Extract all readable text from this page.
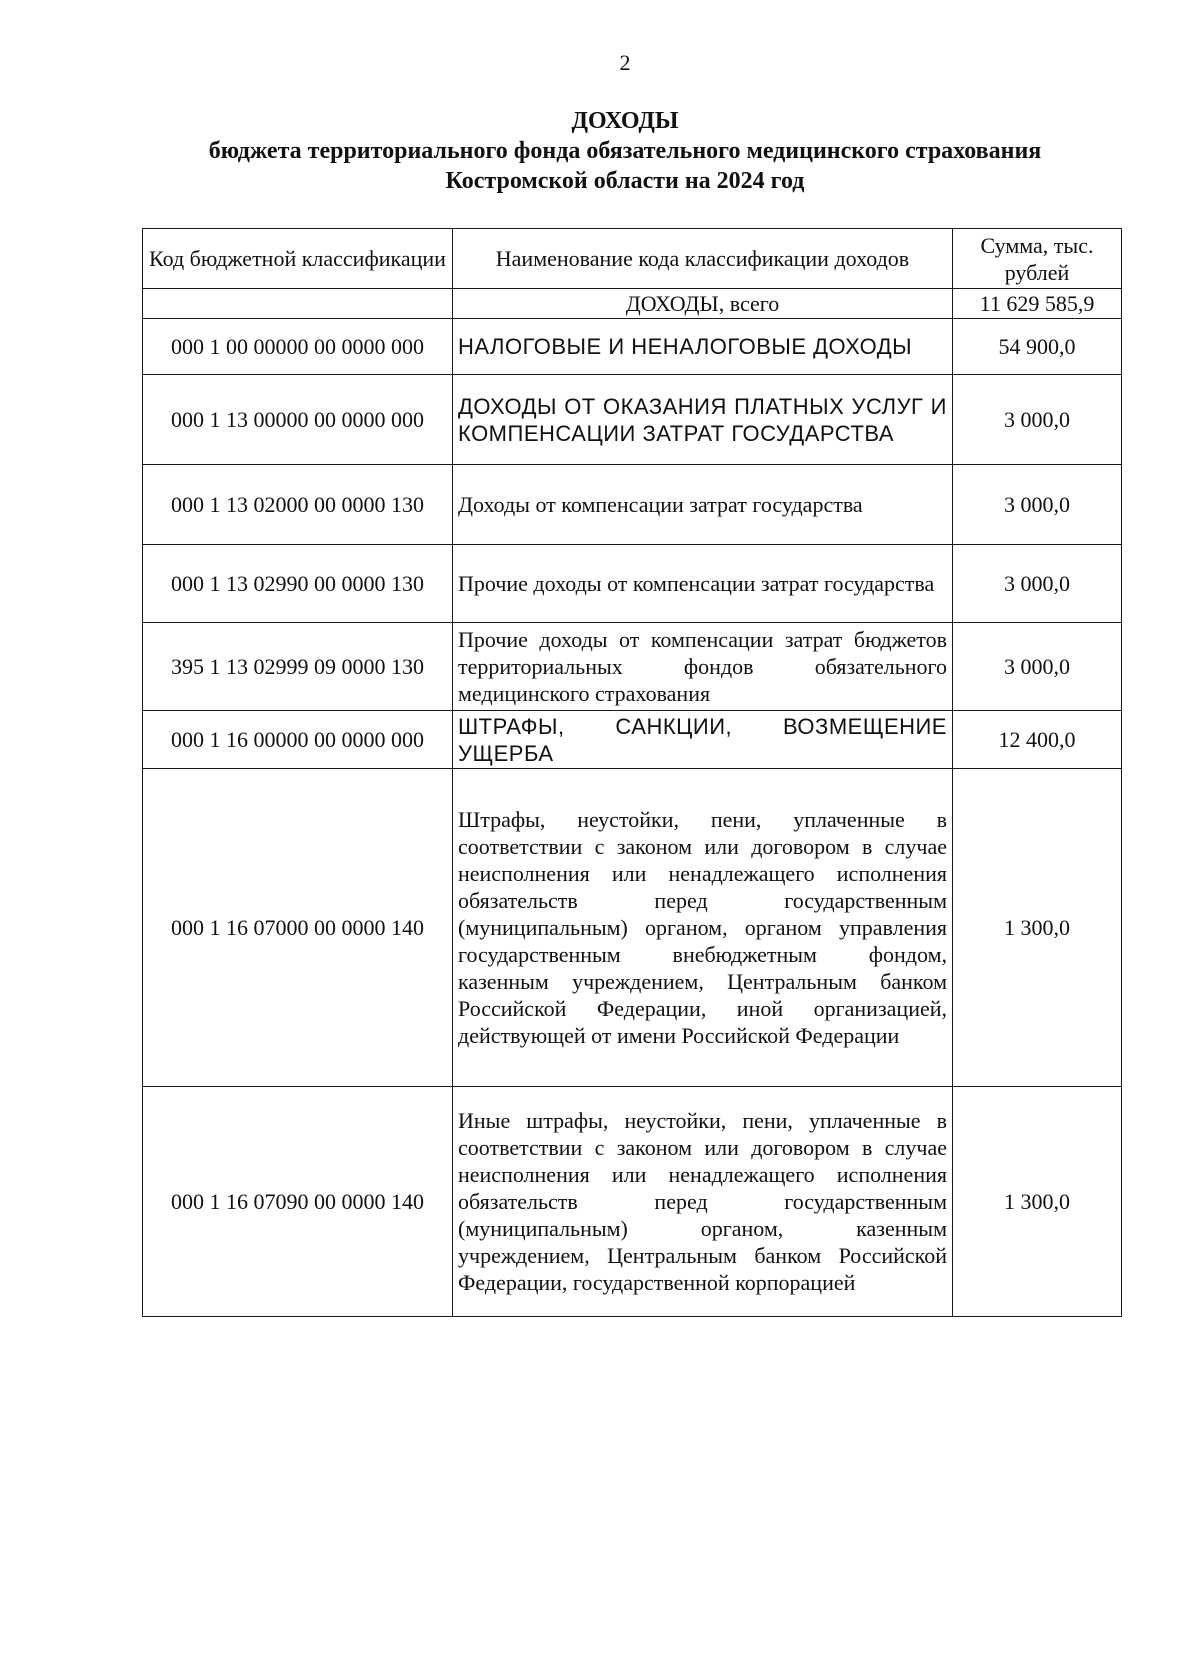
2
ДОХОДЫ
бюджета территориального фонда обязательного медицинского страхования
Костромской области на 2024 год
Код бюджетной классификации	Наименование кода классификации доходов	Сумма, тыс. рублей
	ДОХОДЫ, всего	11 629 585,9
000 1 00 00000 00 0000 000	НАЛОГОВЫЕ И НЕНАЛОГОВЫЕ ДОХОДЫ	54 900,0
000 1 13 00000 00 0000 000	ДОХОДЫ ОТ ОКАЗАНИЯ ПЛАТНЫХ УСЛУГ И КОМПЕНСАЦИИ ЗАТРАТ ГОСУДАРСТВА	3 000,0
000 1 13 02000 00 0000 130	Доходы от компенсации затрат государства	3 000,0
000 1 13 02990 00 0000 130	Прочие доходы от компенсации затрат государства	3 000,0
395 1 13 02999 09 0000 130	Прочие доходы от компенсации затрат бюджетов территориальных фондов обязательного медицинского страхования	3 000,0
000 1 16 00000 00 0000 000	ШТРАФЫ, САНКЦИИ, ВОЗМЕЩЕНИЕ УЩЕРБА	12 400,0
000 1 16 07000 00 0000 140	Штрафы, неустойки, пени, уплаченные в соответствии с законом или договором в случае неисполнения или ненадлежащего исполнения обязательств перед государственным (муниципальным) органом, органом управления государственным внебюджетным фондом, казенным учреждением, Центральным банком Российской Федерации, иной организацией, действующей от имени Российской Федерации	1 300,0
000 1 16 07090 00 0000 140	Иные штрафы, неустойки, пени, уплаченные в соответствии с законом или договором в случае неисполнения или ненадлежащего исполнения обязательств перед государственным (муниципальным) органом, казенным учреждением, Центральным банком Российской Федерации, государственной корпорацией	1 300,0
